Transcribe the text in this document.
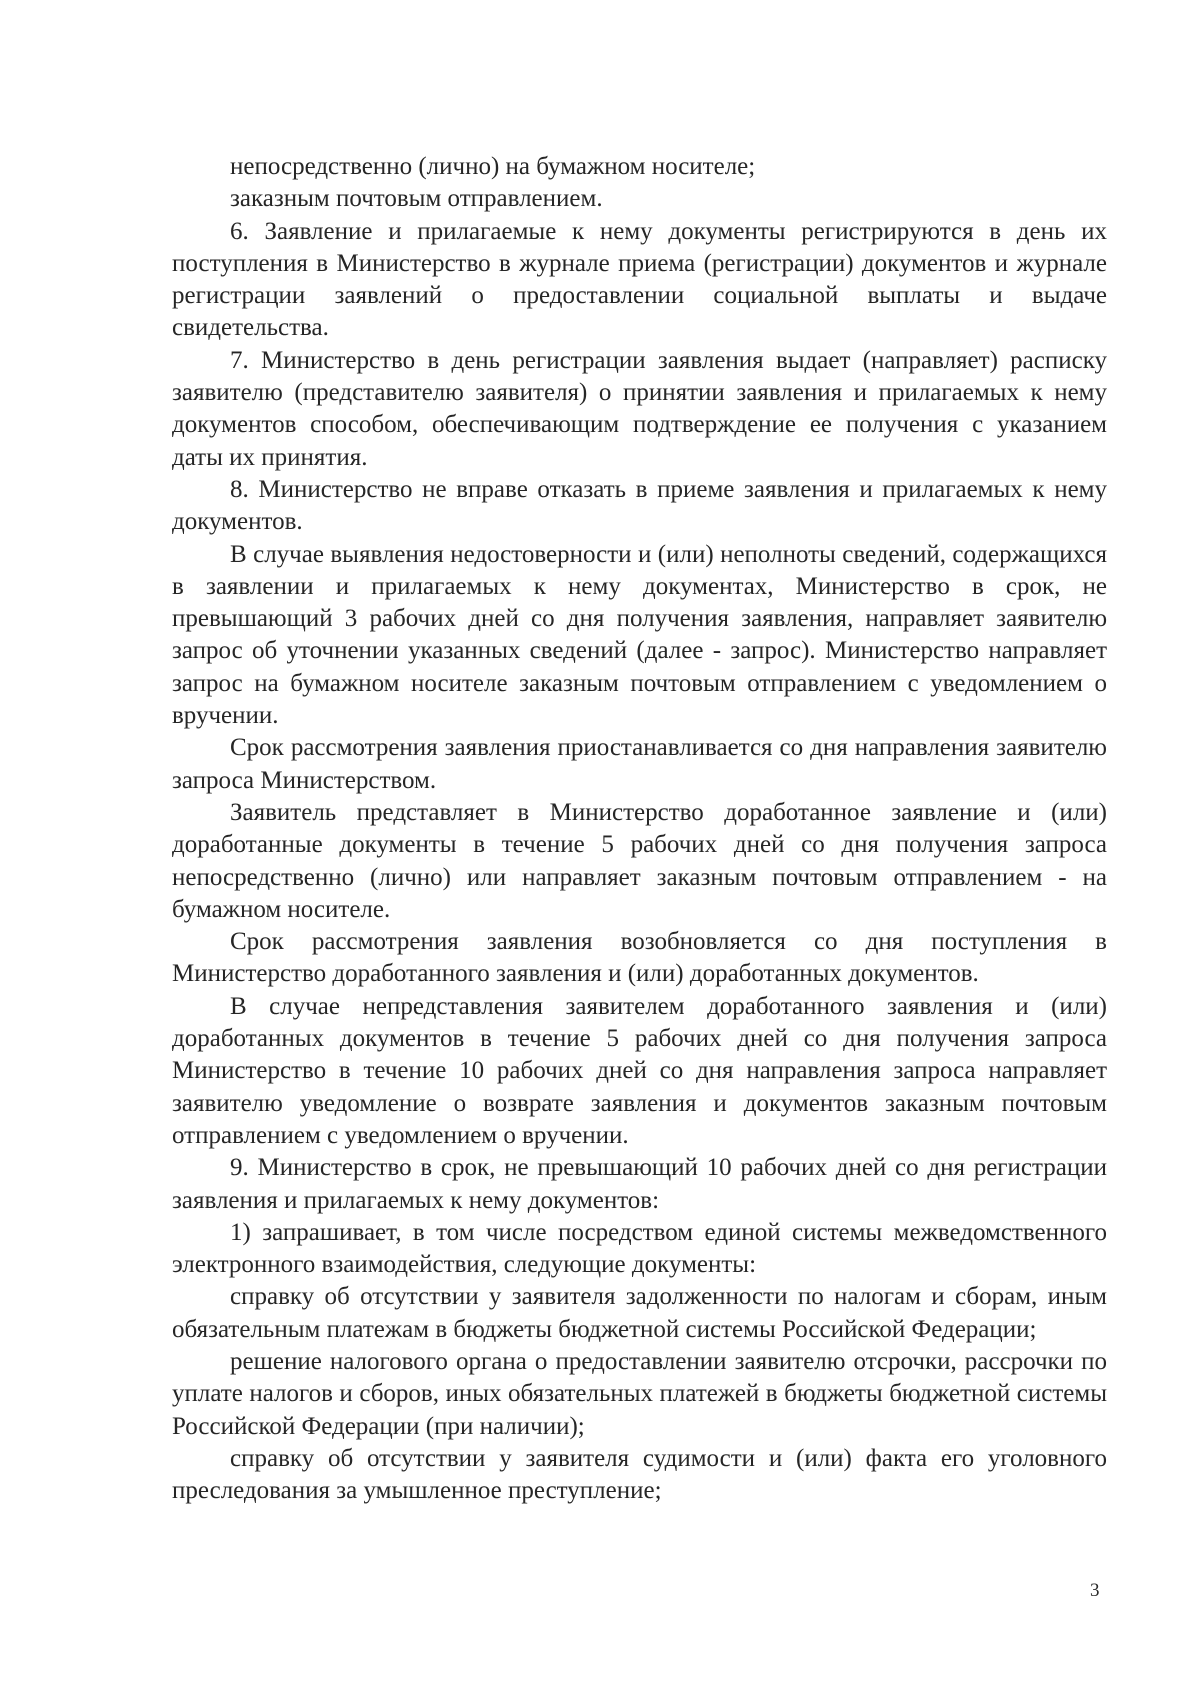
непосредственно (лично) на бумажном носителе;

заказным почтовым отправлением.

6. Заявление и прилагаемые к нему документы регистрируются в день их поступления в Министерство в журнале приема (регистрации) документов и журнале регистрации заявлений о предоставлении социальной выплаты и выдаче свидетельства.

7. Министерство в день регистрации заявления выдает (направляет) расписку заявителю (представителю заявителя) о принятии заявления и прилагаемых к нему документов способом, обеспечивающим подтверждение ее получения с указанием даты их принятия.

8. Министерство не вправе отказать в приеме заявления и прилагаемых к нему документов.

В случае выявления недостоверности и (или) неполноты сведений, содержащихся в заявлении и прилагаемых к нему документах, Министерство в срок, не превышающий 3 рабочих дней со дня получения заявления, направляет заявителю запрос об уточнении указанных сведений (далее - запрос). Министерство направляет запрос на бумажном носителе заказным почтовым отправлением с уведомлением о вручении.

Срок рассмотрения заявления приостанавливается со дня направления заявителю запроса Министерством.

Заявитель представляет в Министерство доработанное заявление и (или) доработанные документы в течение 5 рабочих дней со дня получения запроса непосредственно (лично) или направляет заказным почтовым отправлением - на бумажном носителе.

Срок рассмотрения заявления возобновляется со дня поступления в Министерство доработанного заявления и (или) доработанных документов.

В случае непредставления заявителем доработанного заявления и (или) доработанных документов в течение 5 рабочих дней со дня получения запроса Министерство в течение 10 рабочих дней со дня направления запроса направляет заявителю уведомление о возврате заявления и документов заказным почтовым отправлением с уведомлением о вручении.

9. Министерство в срок, не превышающий 10 рабочих дней со дня регистрации заявления и прилагаемых к нему документов:

1) запрашивает, в том числе посредством единой системы межведомственного электронного взаимодействия, следующие документы:

справку об отсутствии у заявителя задолженности по налогам и сборам, иным обязательным платежам в бюджеты бюджетной системы Российской Федерации;

решение налогового органа о предоставлении заявителю отсрочки, рассрочки по уплате налогов и сборов, иных обязательных платежей в бюджеты бюджетной системы Российской Федерации (при наличии);

справку об отсутствии у заявителя судимости и (или) факта его уголовного преследования за умышленное преступление;

3
